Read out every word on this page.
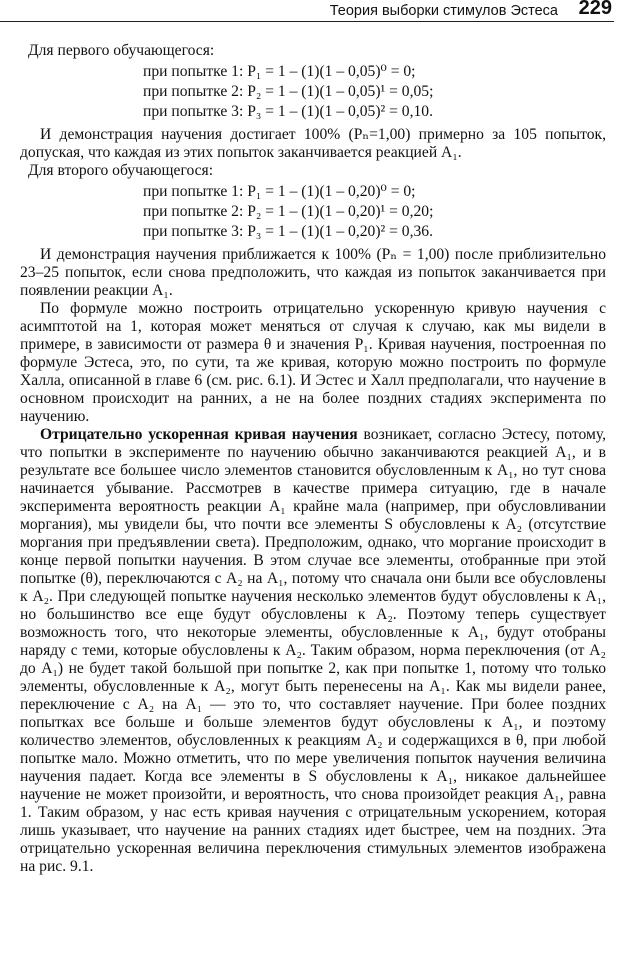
Теория выборки стимулов Эстеса 229

Для первого обучающегося:

при попытке 1: P₁ = 1 – (1)(1 – 0,05)⁰ = 0;
при попытке 2: P₂ = 1 – (1)(1 – 0,05)¹ = 0,05;
при попытке 3: P₃ = 1 – (1)(1 – 0,05)² = 0,10.

И демонстрация научения достигает 100% (Pₙ=1,00) примерно за 105 попыток, допуская, что каждая из этих попыток заканчивается реакцией A₁.

Для второго обучающегося:

при попытке 1: P₁ = 1 – (1)(1 – 0,20)⁰ = 0;
при попытке 2: P₂ = 1 – (1)(1 – 0,20)¹ = 0,20;
при попытке 3: P₃ = 1 – (1)(1 – 0,20)² = 0,36.

И демонстрация научения приближается к 100% (Pₙ = 1,00) после приблизительно 23–25 попыток, если снова предположить, что каждая из попыток заканчивается при появлении реакции A₁.

По формуле можно построить отрицательно ускоренную кривую научения с асимптотой на 1, которая может меняться от случая к случаю, как мы видели в примере, в зависимости от размера θ и значения P₁. Кривая научения, построенная по формуле Эстеса, это, по сути, та же кривая, которую можно построить по формуле Халла, описанной в главе 6 (см. рис. 6.1). И Эстес и Халл предполагали, что научение в основном происходит на ранних, а не на более поздних стадиях эксперимента по научению.

Отрицательно ускоренная кривая научения возникает, согласно Эстесу, потому, что попытки в эксперименте по научению обычно заканчиваются реакцией A₁, и в результате все большее число элементов становится обусловленным к A₁, но тут снова начинается убывание. Рассмотрев в качестве примера ситуацию, где в начале эксперимента вероятность реакции A₁ крайне мала (например, при обусловливании моргания), мы увидели бы, что почти все элементы S обусловлены к A₂ (отсутствие моргания при предъявлении света). Предположим, однако, что моргание происходит в конце первой попытки научения. В этом случае все элементы, отобранные при этой попытке (θ), переключаются с A₂ на A₁, потому что сначала они были все обусловлены к A₂. При следующей попытке научения несколько элементов будут обусловлены к A₁, но большинство все еще будут обусловлены к A₂. Поэтому теперь существует возможность того, что некоторые элементы, обусловленные к A₁, будут отобраны наряду с теми, которые обусловлены к A₂. Таким образом, норма переключения (от A₂ до A₁) не будет такой большой при попытке 2, как при попытке 1, потому что только элементы, обусловленные к A₂, могут быть перенесены на A₁. Как мы видели ранее, переключение с A₂ на A₁ — это то, что составляет научение. При более поздних попытках все больше и больше элементов будут обусловлены к A₁, и поэтому количество элементов, обусловленных к реакциям A₂ и содержащихся в θ, при любой попытке мало. Можно отметить, что по мере увеличения попыток научения величина научения падает. Когда все элементы в S обусловлены к A₁, никакое дальнейшее научение не может произойти, и вероятность, что снова произойдет реакция A₁, равна 1. Таким образом, у нас есть кривая научения с отрицательным ускорением, которая лишь указывает, что научение на ранних стадиях идет быстрее, чем на поздних. Эта отрицательно ускоренная величина переключения стимульных элементов изображена на рис. 9.1.
